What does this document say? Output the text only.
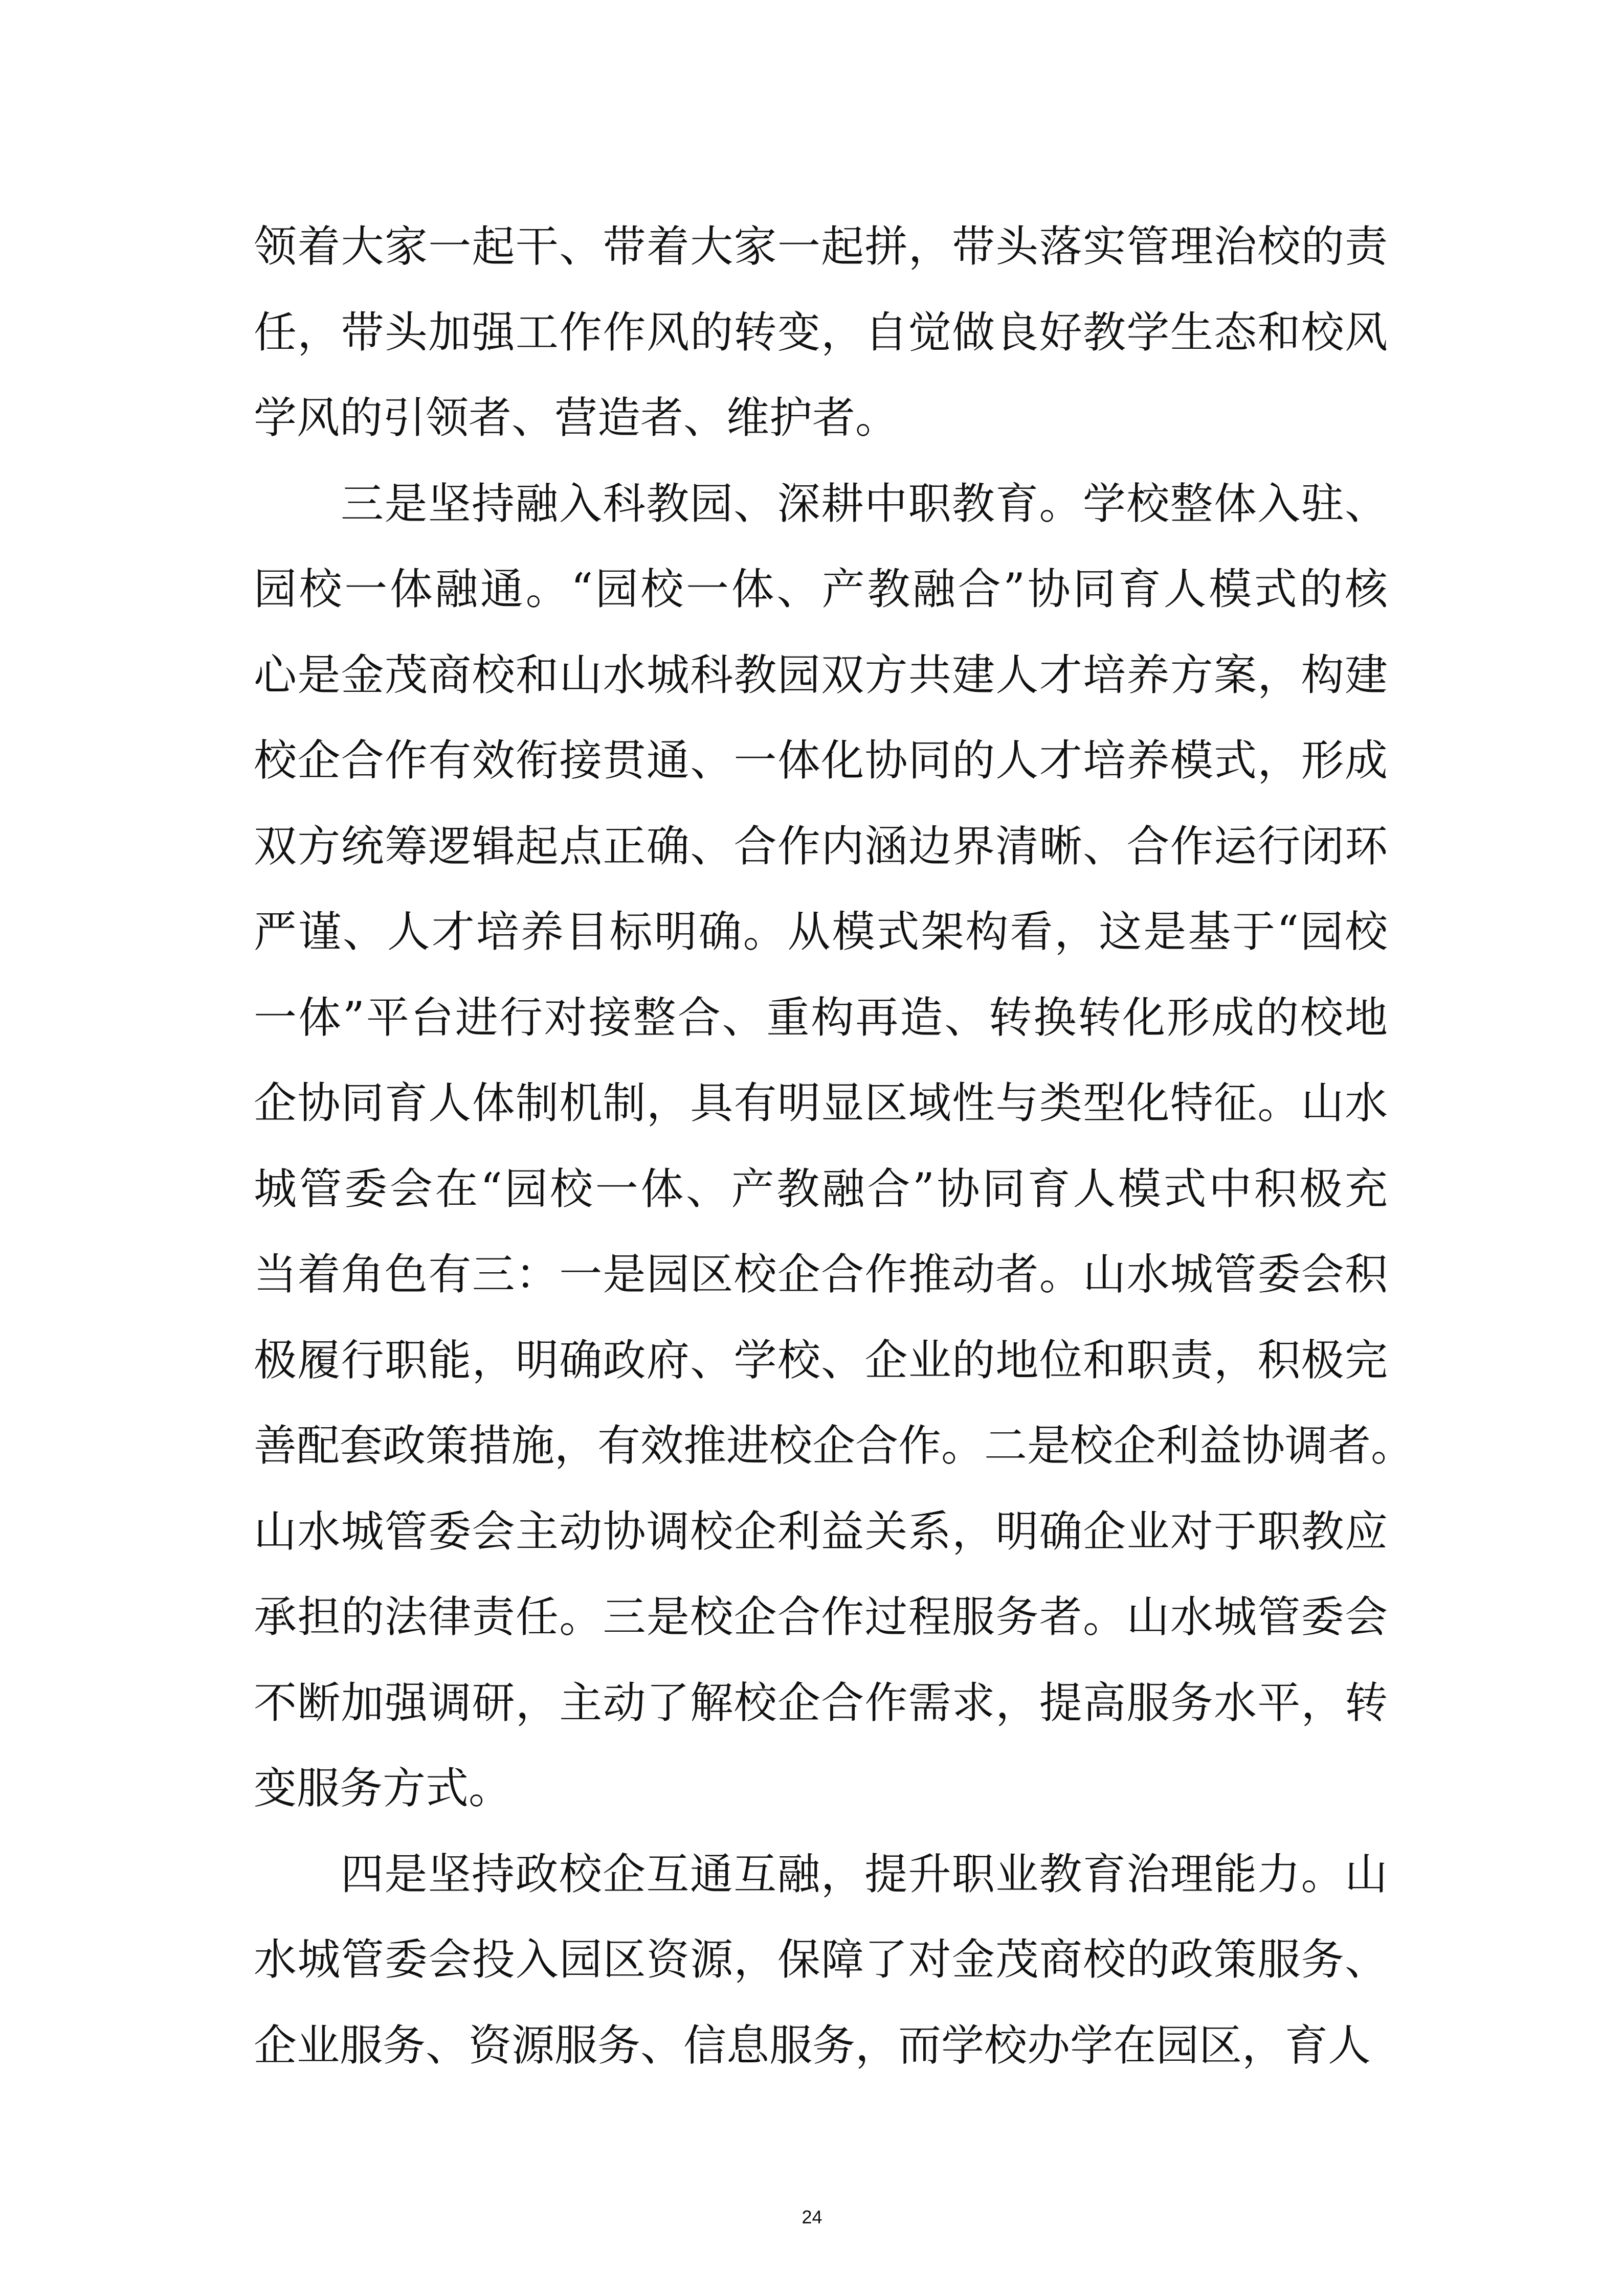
领着大家一起干、带着大家一起拼，带头落实管理治校的责
任，带头加强工作作风的转变，自觉做良好教学生态和校风
学风的引领者、营造者、维护者。
三是坚持融入科教园、深耕中职教育。学校整体入驻、
园校一体融通。“园校一体、产教融合”协同育人模式的核
心是金茂商校和山水城科教园双方共建人才培养方案，构建
校企合作有效衔接贯通、一体化协同的人才培养模式，形成
双方统筹逻辑起点正确、合作内涵边界清晰、合作运行闭环
严谨、人才培养目标明确。从模式架构看，这是基于“园校
一体”平台进行对接整合、重构再造、转换转化形成的校地
企协同育人体制机制，具有明显区域性与类型化特征。山水
城管委会在“园校一体、产教融合”协同育人模式中积极充
当着角色有三：一是园区校企合作推动者。山水城管委会积
极履行职能，明确政府、学校、企业的地位和职责，积极完
善配套政策措施，有效推进校企合作。二是校企利益协调者。
山水城管委会主动协调校企利益关系，明确企业对于职教应
承担的法律责任。三是校企合作过程服务者。山水城管委会
不断加强调研，主动了解校企合作需求，提高服务水平，转
变服务方式。
四是坚持政校企互通互融，提升职业教育治理能力。山
水城管委会投入园区资源，保障了对金茂商校的政策服务、
企业服务、资源服务、信息服务，而学校办学在园区，育人
24
